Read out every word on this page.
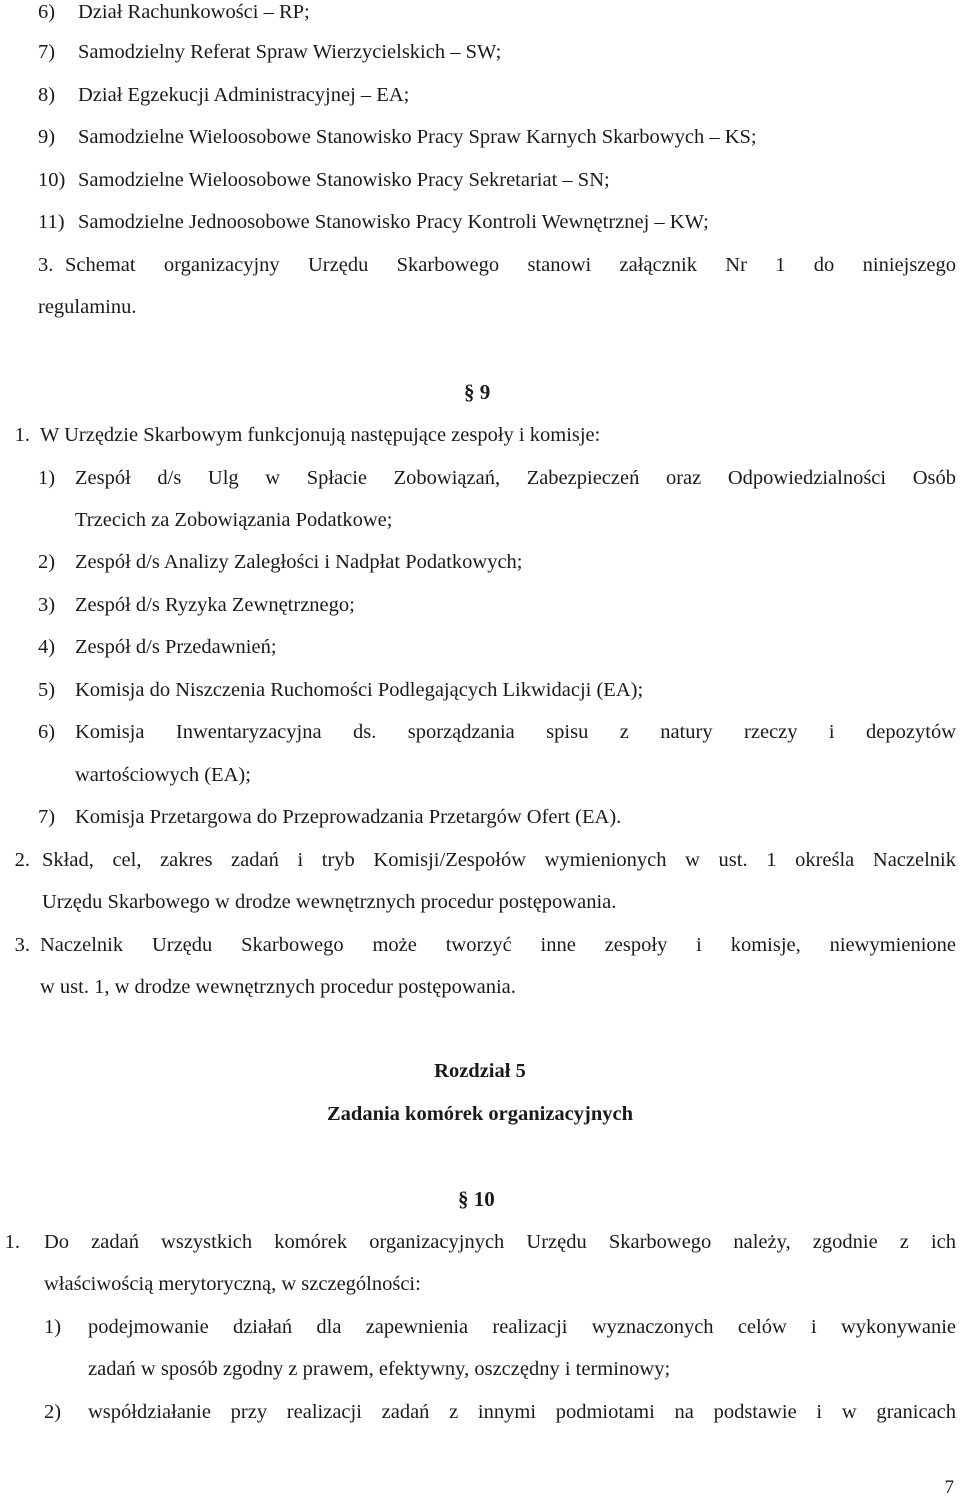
6) Dział Rachunkowości – RP;
7) Samodzielny Referat Spraw Wierzycielskich – SW;
8) Dział Egzekucji Administracyjnej – EA;
9) Samodzielne Wieloosobowe Stanowisko Pracy Spraw Karnych Skarbowych – KS;
10) Samodzielne Wieloosobowe Stanowisko Pracy Sekretariat – SN;
11) Samodzielne Jednoosobowe Stanowisko Pracy Kontroli Wewnętrznej – KW;
3. Schemat organizacyjny Urzędu Skarbowego stanowi załącznik Nr 1 do niniejszego
regulaminu.
§ 9
1. W Urzędzie Skarbowym funkcjonują następujące zespoły i komisje:
1) Zespół d/s Ulg w Spłacie Zobowiązań, Zabezpieczeń oraz Odpowiedzialności Osób
Trzecich za Zobowiązania Podatkowe;
2) Zespół d/s Analizy Zaległości i Nadpłat Podatkowych;
3) Zespół d/s Ryzyka Zewnętrznego;
4) Zespół d/s Przedawnień;
5) Komisja do Niszczenia Ruchomości Podlegających Likwidacji (EA);
6) Komisja Inwentaryzacyjna ds. sporządzania spisu z natury rzeczy i depozytów
wartościowych (EA);
7) Komisja Przetargowa do Przeprowadzania Przetargów Ofert (EA).
2. Skład, cel, zakres zadań i tryb Komisji/Zespołów wymienionych w ust. 1 określa Naczelnik
Urzędu Skarbowego w drodze wewnętrznych procedur postępowania.
3. Naczelnik Urzędu Skarbowego może tworzyć inne zespoły i komisje, niewymienione
w ust. 1, w drodze wewnętrznych procedur postępowania.
Rozdział 5
Zadania komórek organizacyjnych
§ 10
1. Do zadań wszystkich komórek organizacyjnych Urzędu Skarbowego należy, zgodnie z ich
właściwością merytoryczną, w szczególności:
1) podejmowanie działań dla zapewnienia realizacji wyznaczonych celów i wykonywanie
zadań w sposób zgodny z prawem, efektywny, oszczędny i terminowy;
2) współdziałanie przy realizacji zadań z innymi podmiotami na podstawie i w granicach
7
